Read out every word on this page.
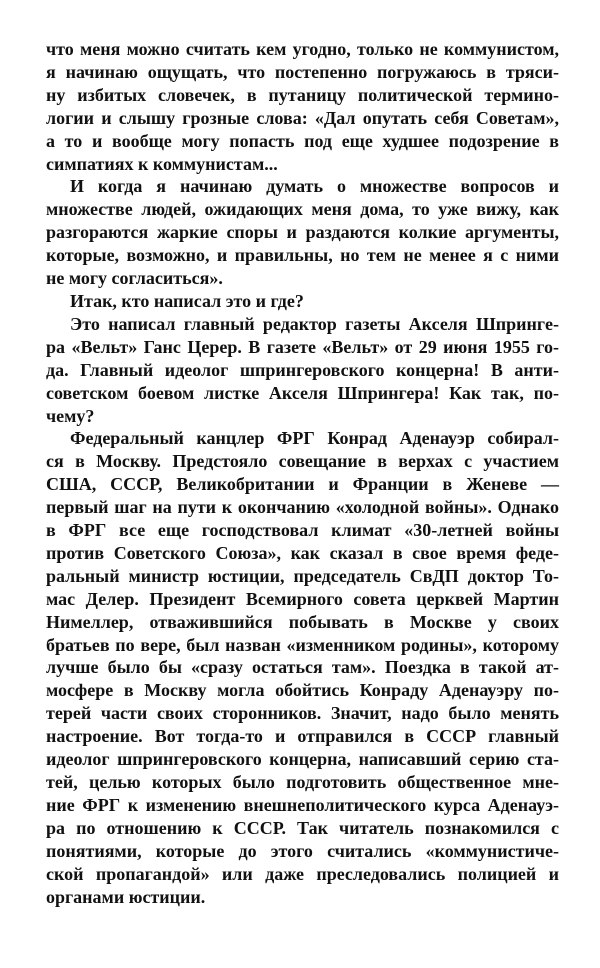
что меня можно считать кем угодно, только не коммунистом,
я начинаю ощущать, что постепенно погружаюсь в тряси-
ну избитых словечек, в путаницу политической термино-
логии и слышу грозные слова: «Дал опутать себя Советам»,
а то и вообще могу попасть под еще худшее подозрение в
симпатиях к коммунистам...
И когда я начинаю думать о множестве вопросов и
множестве людей, ожидающих меня дома, то уже вижу, как
разгораются жаркие споры и раздаются колкие аргументы,
которые, возможно, и правильны, но тем не менее я с ними
не могу согласиться».
Итак, кто написал это и где?
Это написал главный редактор газеты Акселя Шпрингe-
ра «Вельт» Ганс Церер. В газете «Вельт» от 29 июня 1955 го-
да. Главный идеолог шпрингеровского концерна! В анти-
советском боевом листке Акселя Шпрингера! Как так, по-
чему?
Федеральный канцлер ФРГ Конрад Аденауэр собирал-
ся в Москву. Предстояло совещание в верхах с участием
США, СССР, Великобритании и Франции в Женеве —
первый шаг на пути к окончанию «холодной войны». Однако
в ФРГ все еще господствовал климат «30-летней войны
против Советского Союза», как сказал в свое время феде-
ральный министр юстиции, председатель СвДП доктор То-
мас Делер. Президент Всемирного совета церквей Мартин
Нимеллер, отважившийся побывать в Москве у своих
братьев по вере, был назван «изменником родины», которому
лучше было бы «сразу остаться там». Поездка в такой ат-
мосфере в Москву могла обойтись Конраду Аденауэру по-
терей части своих сторонников. Значит, надо было менять
настроение. Вот тогда-то и отправился в СССР главный
идеолог шпрингеровского концерна, написавший серию ста-
тей, целью которых было подготовить общественное мне-
ние ФРГ к изменению внешнеполитического курса Аденауэ-
ра по отношению к СССР. Так читатель познакомился с
понятиями, которые до этого считались «коммунистиче-
ской пропагандой» или даже преследовались полицией и
органами юстиции.
